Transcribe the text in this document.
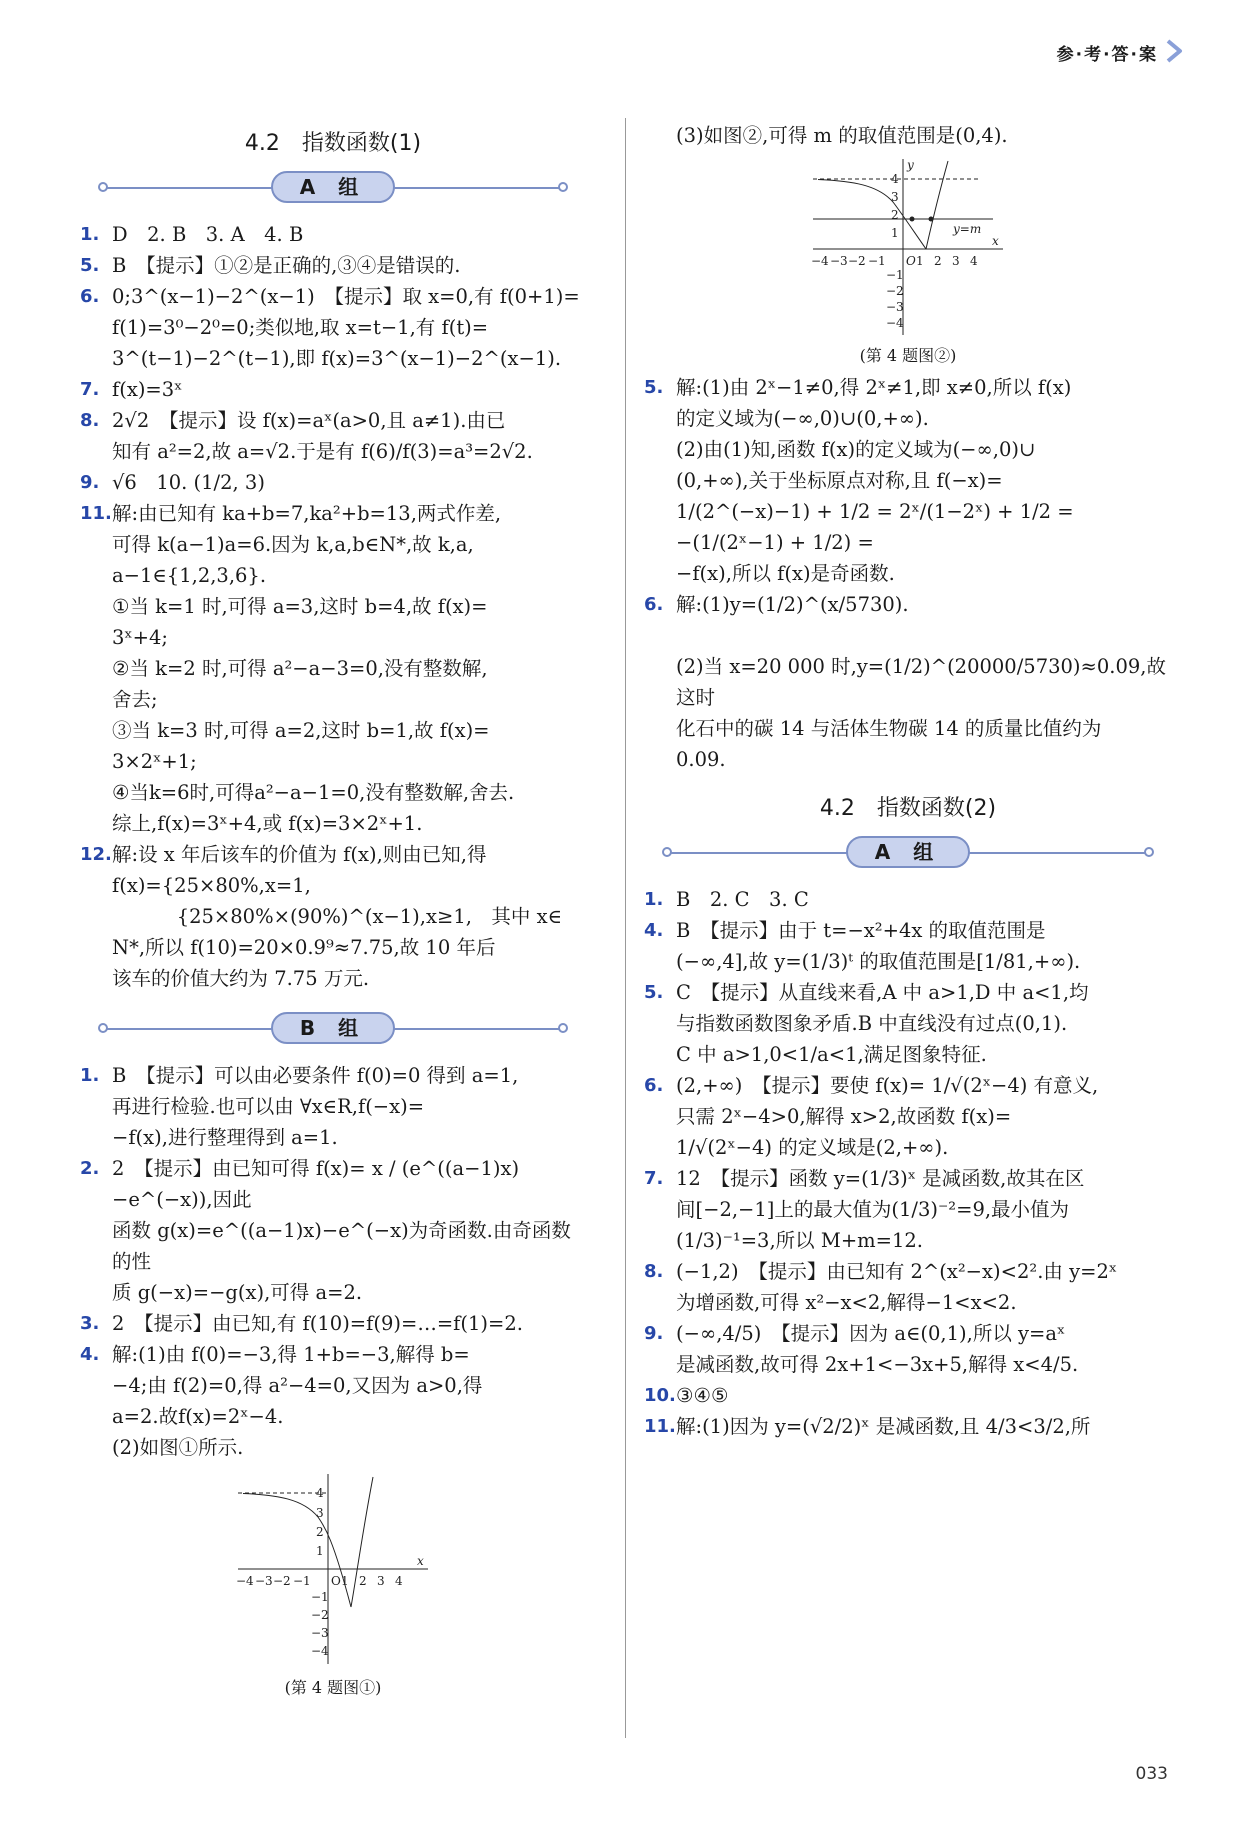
参·考·答·案
4.2　指数函数(1)
A 组
1. D　2. B　3. A　4. B
5. B　【提示】①②是正确的,③④是错误的.
6. 0;3^(x−1)−2^(x−1)　【提示】取 x=0,有 f(0+1)=
f(1)=3⁰−2⁰=0;类似地,取 x=t−1,有 f(t)=
3^(t−1)−2^(t−1),即 f(x)=3^(x−1)−2^(x−1).
7. f(x)=3ˣ
8. 2√2　【提示】设 f(x)=aˣ(a>0,且 a≠1).由已
知有 a²=2,故 a=√2.于是有 f(6)/f(3)=a³=2√2.
9. √6　10. (1/2, 3)
11. 解:由已知有 ka+b=7,ka²+b=13,两式作差,
可得 k(a−1)a=6.因为 k,a,b∈N*,故 k,a,
a−1∈{1,2,3,6}.
①当 k=1 时,可得 a=3,这时 b=4,故 f(x)=
3ˣ+4;
②当 k=2 时,可得 a²−a−3=0,没有整数解,
舍去;
③当 k=3 时,可得 a=2,这时 b=1,故 f(x)=
3×2ˣ+1;
④当k=6时,可得a²−a−1=0,没有整数解,舍去.
综上,f(x)=3ˣ+4,或 f(x)=3×2ˣ+1.
12. 解:设 x 年后该车的价值为 f(x),则由已知,得
f(x)={25×80%,x=1,
　　　 {25×80%×(90%)^(x−1),x≥1,　其中 x∈
N*,所以 f(10)=20×0.9⁹≈7.75,故 10 年后
该车的价值大约为 7.75 万元.
B 组
1. B　【提示】可以由必要条件 f(0)=0 得到 a=1,
再进行检验.也可以由 ∀x∈R,f(−x)=
−f(x),进行整理得到 a=1.
2. 2　【提示】由已知可得 f(x)= x / (e^((a−1)x)−e^(−x)),因此
函数 g(x)=e^((a−1)x)−e^(−x)为奇函数.由奇函数的性
质 g(−x)=−g(x),可得 a=2.
3. 2　【提示】由已知,有 f(10)=f(9)=…=f(1)=2.
4. 解:(1)由 f(0)=−3,得 1+b=−3,解得 b=
−4;由 f(2)=0,得 a²−4=0,又因为 a>0,得
a=2.故f(x)=2ˣ−4.
(2)如图①所示.
−4 −3 −2 −1 O 1 2 3 4
x
4
3
2
1
−1
−2
−3
−4
(第 4 题图①)
(3)如图②,可得 m 的取值范围是(0,4).
y
−4 −3 −2 −1 O 1 2 3 4
x
4
3
2
1
−1
−2
−3
−4
y=m
(第 4 题图②)
5. 解:(1)由 2ˣ−1≠0,得 2ˣ≠1,即 x≠0,所以 f(x)
的定义域为(−∞,0)∪(0,+∞).
(2)由(1)知,函数 f(x)的定义域为(−∞,0)∪
(0,+∞),关于坐标原点对称,且 f(−x)=
1/(2^(−x)−1) + 1/2 = 2ˣ/(1−2ˣ) + 1/2 = −(1/(2ˣ−1) + 1/2) =
−f(x),所以 f(x)是奇函数.
6. 解:(1)y=(1/2)^(x/5730).

(2)当 x=20 000 时,y=(1/2)^(20000/5730)≈0.09,故这时
化石中的碳 14 与活体生物碳 14 的质量比值约为
0.09.
4.2　指数函数(2)
A 组
1. B　2. C　3. C
4. B　【提示】由于 t=−x²+4x 的取值范围是
(−∞,4],故 y=(1/3)ᵗ 的取值范围是[1/81,+∞).
5. C　【提示】从直线来看,A 中 a>1,D 中 a<1,均
与指数函数图象矛盾.B 中直线没有过点(0,1).
C 中 a>1,0<1/a<1,满足图象特征.
6. (2,+∞)　【提示】要使 f(x)= 1/√(2ˣ−4) 有意义,
只需 2ˣ−4>0,解得 x>2,故函数 f(x)=
1/√(2ˣ−4) 的定义域是(2,+∞).
7. 12　【提示】函数 y=(1/3)ˣ 是减函数,故其在区
间[−2,−1]上的最大值为(1/3)⁻²=9,最小值为
(1/3)⁻¹=3,所以 M+m=12.
8. (−1,2)　【提示】由已知有 2^(x²−x)<2².由 y=2ˣ
为增函数,可得 x²−x<2,解得−1<x<2.
9. (−∞,4/5)　【提示】因为 a∈(0,1),所以 y=aˣ
是减函数,故可得 2x+1<−3x+5,解得 x<4/5.
10. ③④⑤
11. 解:(1)因为 y=(√2/2)ˣ 是减函数,且 4/3<3/2,所
033
